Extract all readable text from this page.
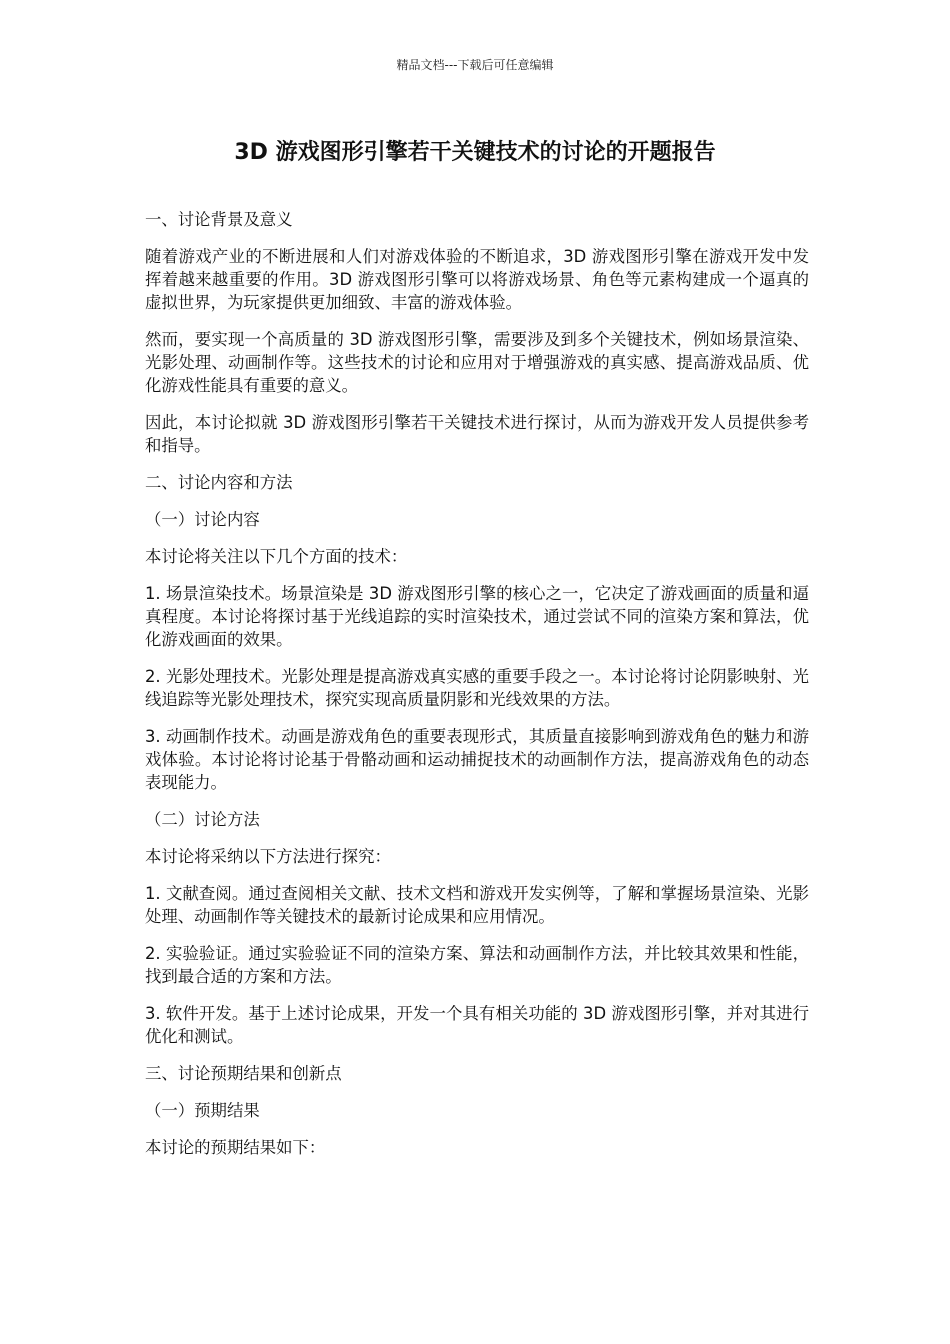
精品文档---下载后可任意编辑
3D 游戏图形引擎若干关键技术的讨论的开题报告

一、讨论背景及意义

随着游戏产业的不断进展和人们对游戏体验的不断追求，3D 游戏图形引擎在游戏开发中发挥着越来越重要的作用。3D 游戏图形引擎可以将游戏场景、角色等元素构建成一个逼真的虚拟世界，为玩家提供更加细致、丰富的游戏体验。

然而，要实现一个高质量的 3D 游戏图形引擎，需要涉及到多个关键技术，例如场景渲染、光影处理、动画制作等。这些技术的讨论和应用对于增强游戏的真实感、提高游戏品质、优化游戏性能具有重要的意义。

因此，本讨论拟就 3D 游戏图形引擎若干关键技术进行探讨，从而为游戏开发人员提供参考和指导。

二、讨论内容和方法

（一）讨论内容

本讨论将关注以下几个方面的技术：

1. 场景渲染技术。场景渲染是 3D 游戏图形引擎的核心之一，它决定了游戏画面的质量和逼真程度。本讨论将探讨基于光线追踪的实时渲染技术，通过尝试不同的渲染方案和算法，优化游戏画面的效果。

2. 光影处理技术。光影处理是提高游戏真实感的重要手段之一。本讨论将讨论阴影映射、光线追踪等光影处理技术，探究实现高质量阴影和光线效果的方法。

3. 动画制作技术。动画是游戏角色的重要表现形式，其质量直接影响到游戏角色的魅力和游戏体验。本讨论将讨论基于骨骼动画和运动捕捉技术的动画制作方法，提高游戏角色的动态表现能力。

（二）讨论方法

本讨论将采纳以下方法进行探究：

1. 文献查阅。通过查阅相关文献、技术文档和游戏开发实例等，了解和掌握场景渲染、光影处理、动画制作等关键技术的最新讨论成果和应用情况。

2. 实验验证。通过实验验证不同的渲染方案、算法和动画制作方法，并比较其效果和性能，找到最合适的方案和方法。

3. 软件开发。基于上述讨论成果，开发一个具有相关功能的 3D 游戏图形引擎，并对其进行优化和测试。

三、讨论预期结果和创新点

（一）预期结果

本讨论的预期结果如下：
